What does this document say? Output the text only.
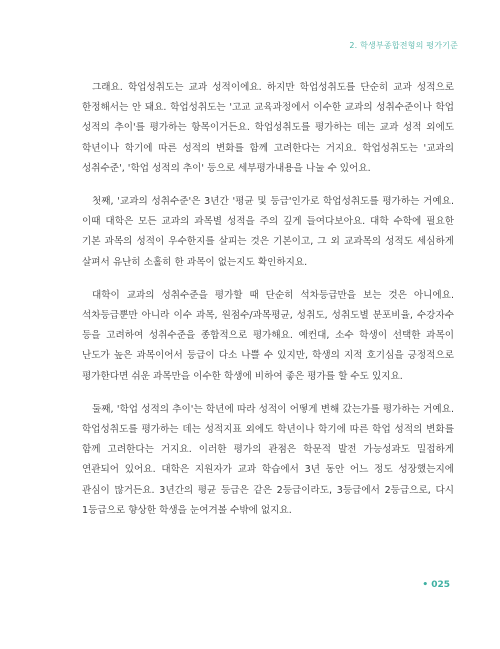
2. 학생부종합전형의 평가기준

그래요. 학업성취도는 교과 성적이에요. 하지만 학업성취도를 단순히 교과 성적으로 한정해서는 안 돼요. 학업성취도는 '고교 교육과정에서 이수한 교과의 성취수준이나 학업 성적의 추이'를 평가하는 항목이거든요. 학업성취도를 평가하는 데는 교과 성적 외에도 학년이나 학기에 따른 성적의 변화를 함께 고려한다는 거지요. 학업성취도는 '교과의 성취수준', '학업 성적의 추이' 등으로 세부평가내용을 나눌 수 있어요.

첫째, '교과의 성취수준'은 3년간 '평균 및 등급'인가로 학업성취도를 평가하는 거예요. 이때 대학은 모든 교과의 과목별 성적을 주의 깊게 들여다보아요. 대학 수학에 필요한 기본 과목의 성적이 우수한지를 살피는 것은 기본이고, 그 외 교과목의 성적도 세심하게 살펴서 유난히 소홀히 한 과목이 없는지도 확인하지요.

대학이 교과의 성취수준을 평가할 때 단순히 석차등급만을 보는 것은 아니에요. 석차등급뿐만 아니라 이수 과목, 원점수/과목평균, 성취도, 성취도별 분포비율, 수강자수 등을 고려하여 성취수준을 종합적으로 평가해요. 예컨대, 소수 학생이 선택한 과목이 난도가 높은 과목이어서 등급이 다소 나쁠 수 있지만, 학생의 지적 호기심을 긍정적으로 평가한다면 쉬운 과목만을 이수한 학생에 비하여 좋은 평가를 할 수도 있지요.

둘째, '학업 성적의 추이'는 학년에 따라 성적이 어떻게 변해 갔는가를 평가하는 거예요. 학업성취도를 평가하는 데는 성적지표 외에도 학년이나 학기에 따른 학업 성적의 변화를 함께 고려한다는 거지요. 이러한 평가의 관점은 학문적 발전 가능성과도 밀접하게 연관되어 있어요. 대학은 지원자가 교과 학습에서 3년 동안 어느 정도 성장했는지에 관심이 많거든요. 3년간의 평균 등급은 같은 2등급이라도, 3등급에서 2등급으로, 다시 1등급으로 향상한 학생을 눈여겨볼 수밖에 없지요.

• 025
